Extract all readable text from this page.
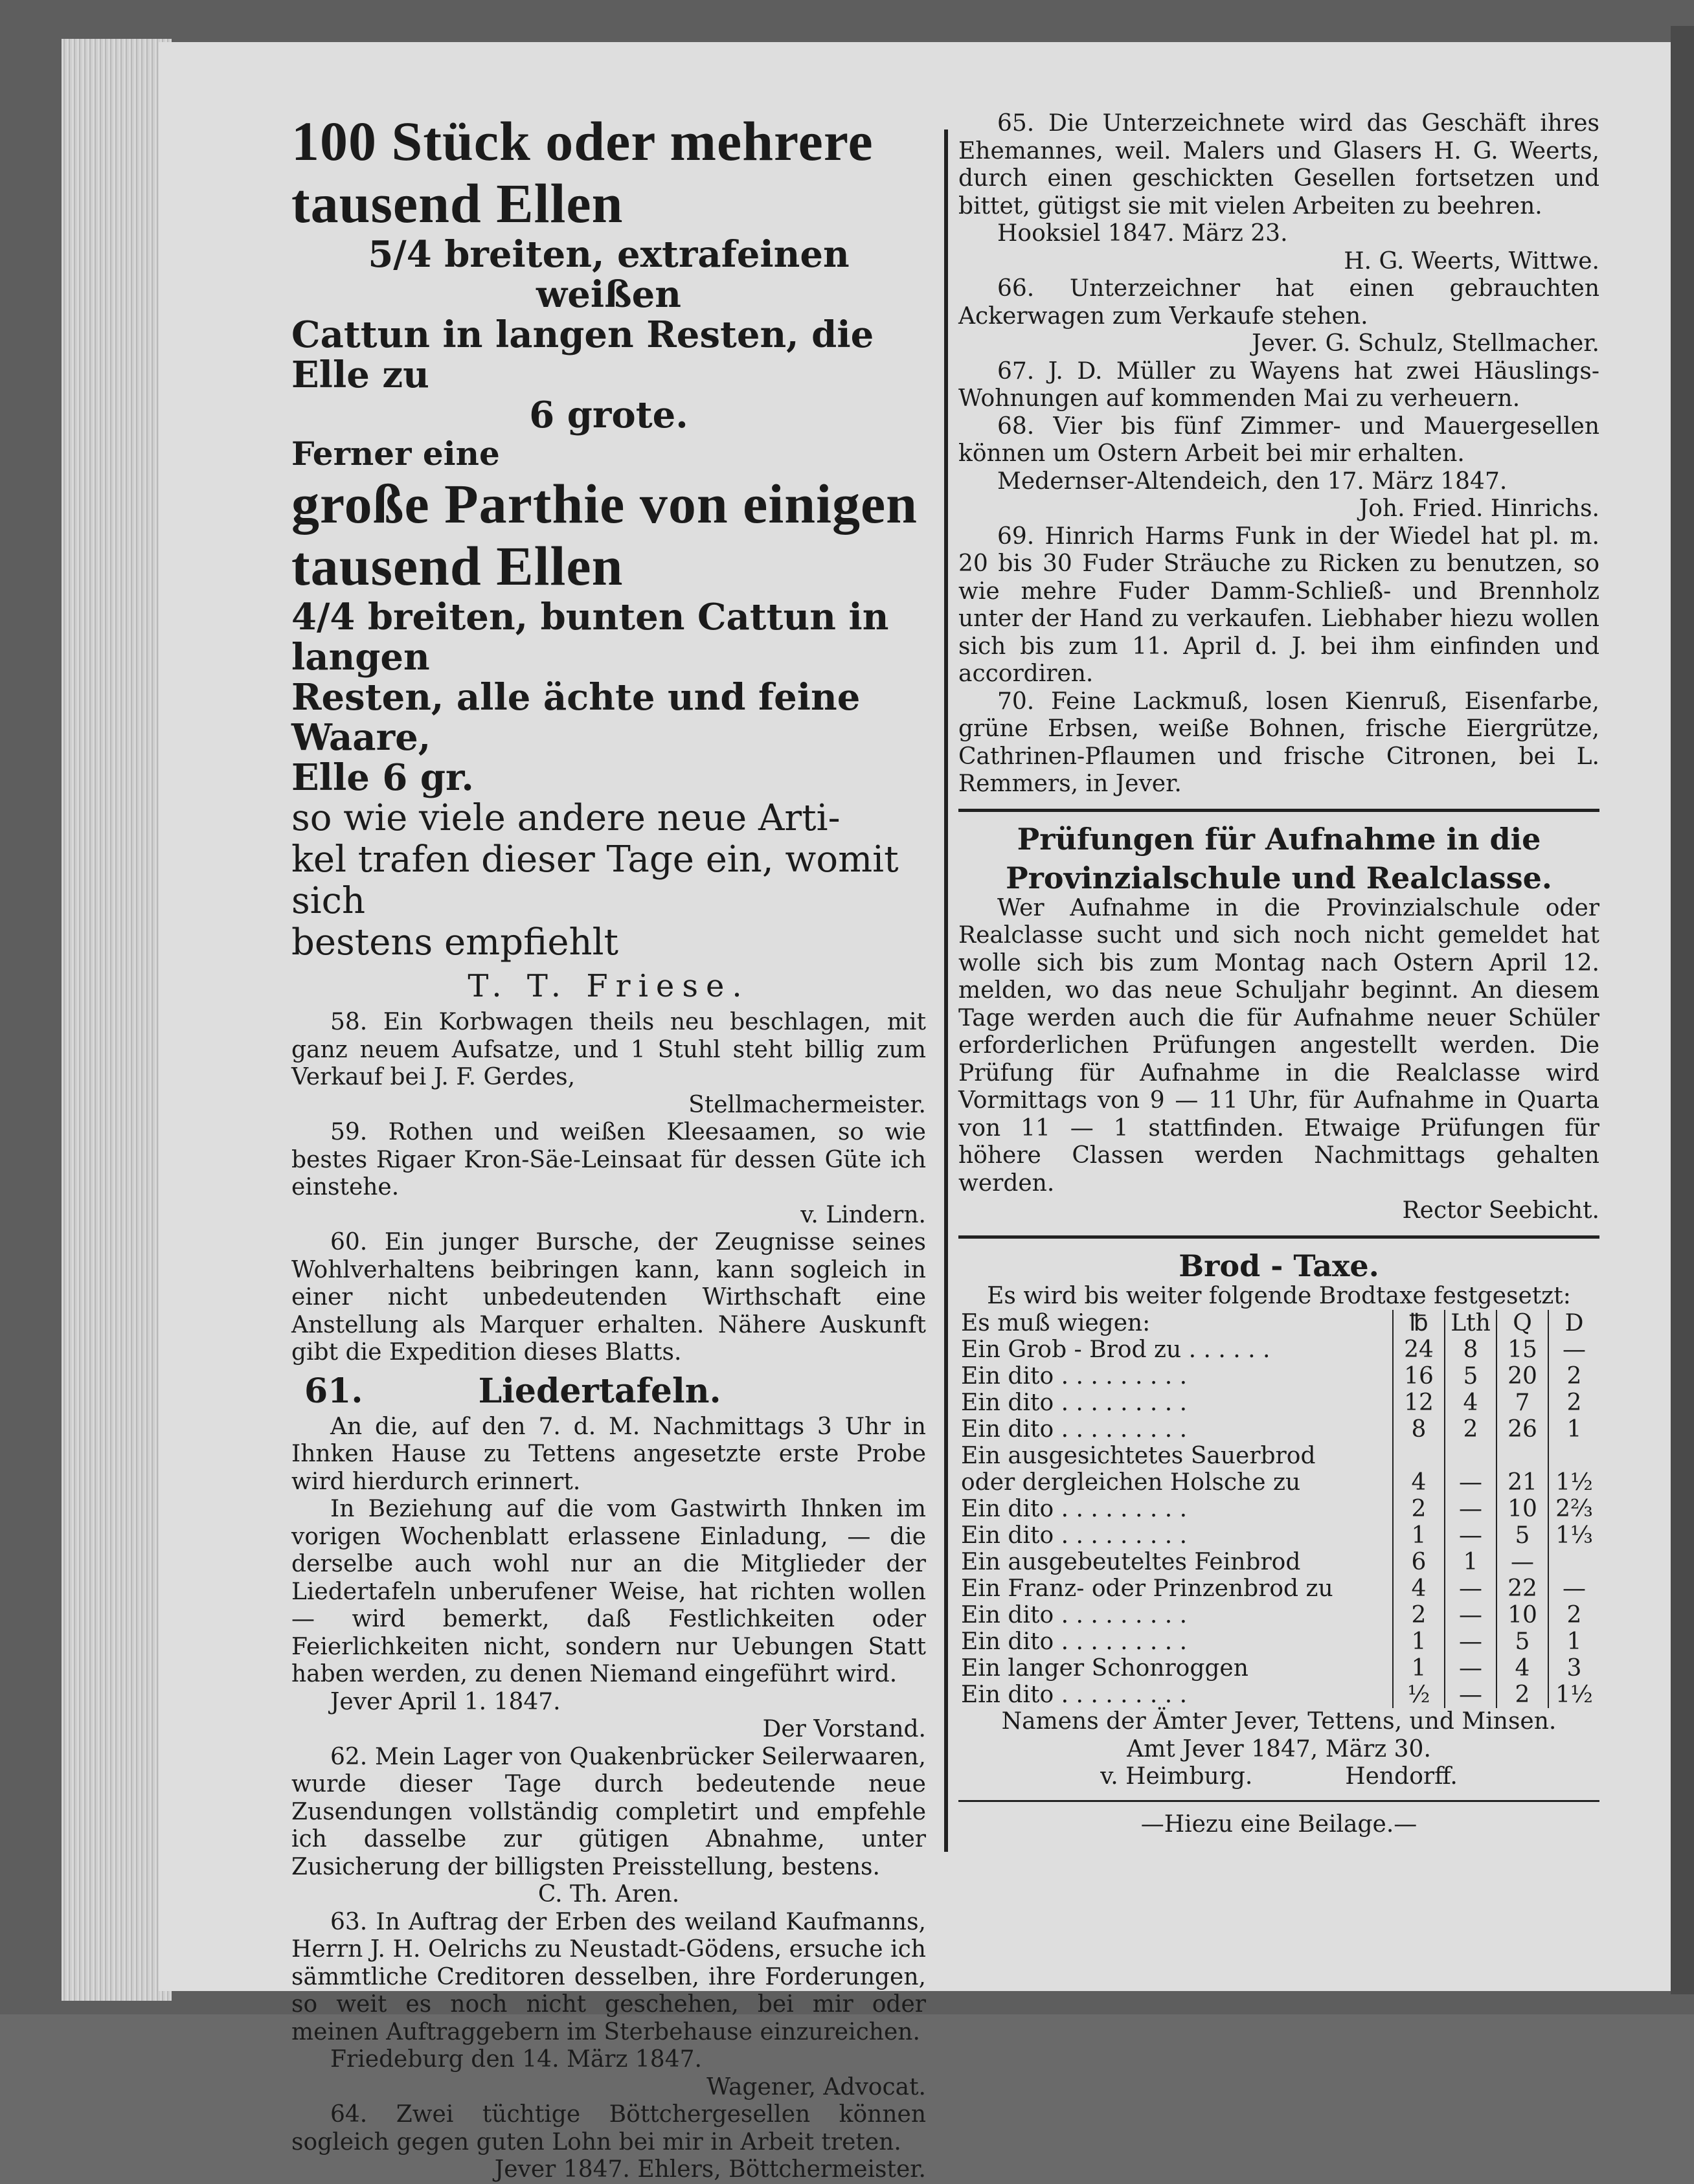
100 Stück oder mehrere

tausend Ellen

5/4 breiten, extrafeinen weißen

Cattun in langen Resten, die Elle zu

6 grote.

Ferner eine

große Parthie von einigen

tausend Ellen

4/4 breiten, bunten Cattun in langen

Resten, alle ächte und feine Waare,

Elle 6 gr.

so wie viele andere neue Arti-

kel trafen dieser Tage ein, womit sich

bestens empfiehlt

T. T. Friese.

58. Ein Korbwagen theils neu beschlagen, mit ganz neuem Aufsatze, und 1 Stuhl steht billig zum Verkauf bei J. F. Gerdes,

Stellmachermeister.

59. Rothen und weißen Kleesaamen, so wie bestes Rigaer Kron-Säe-Leinsaat für dessen Güte ich einstehe.

v. Lindern.

60. Ein junger Bursche, der Zeugnisse seines Wohlverhaltens beibringen kann, kann sogleich in einer nicht unbedeutenden Wirthschaft eine Anstellung als Marquer erhalten. Nähere Auskunft gibt die Expedition dieses Blatts.

61.	Liedertafeln.

An die, auf den 7. d. M. Nachmittags 3 Uhr in Ihnken Hause zu Tettens angesetzte erste Probe wird hierdurch erinnert.

In Beziehung auf die vom Gastwirth Ihnken im vorigen Wochenblatt erlassene Einladung, — die derselbe auch wohl nur an die Mitglieder der Liedertafeln unberufener Weise, hat richten wollen — wird bemerkt, daß Festlichkeiten oder Feierlichkeiten nicht, sondern nur Uebungen Statt haben werden, zu denen Niemand eingeführt wird.

Jever April 1. 1847.

Der Vorstand.

62. Mein Lager von Quakenbrücker Seilerwaaren, wurde dieser Tage durch bedeutende neue Zusendungen vollständig completirt und empfehle ich dasselbe zur gütigen Abnahme, unter Zusicherung der billigsten Preisstellung, bestens.

C. Th. Aren.

63. In Auftrag der Erben des weiland Kaufmanns, Herrn J. H. Oelrichs zu Neustadt-Gödens, ersuche ich sämmtliche Creditoren desselben, ihre Forderungen, so weit es noch nicht geschehen, bei mir oder meinen Auftraggebern im Sterbehause einzureichen.

Friedeburg den 14. März 1847.

Wagener, Advocat.

64. Zwei tüchtige Böttchergesellen können sogleich gegen guten Lohn bei mir in Arbeit treten.

Jever 1847. Ehlers, Böttchermeister.

65. Die Unterzeichnete wird das Geschäft ihres Ehemannes, weil. Malers und Glasers H. G. Weerts, durch einen geschickten Gesellen fortsetzen und bittet, gütigst sie mit vielen Arbeiten zu beehren.

Hooksiel 1847. März 23.

H. G. Weerts, Wittwe.

66. Unterzeichner hat einen gebrauchten Ackerwagen zum Verkaufe stehen.

Jever. G. Schulz, Stellmacher.

67. J. D. Müller zu Wayens hat zwei Häuslings-Wohnungen auf kommenden Mai zu verheuern.

68. Vier bis fünf Zimmer- und Mauergesellen können um Ostern Arbeit bei mir erhalten.

Medernser-Altendeich, den 17. März 1847.

Joh. Fried. Hinrichs.

69. Hinrich Harms Funk in der Wiedel hat pl. m. 20 bis 30 Fuder Sträuche zu Ricken zu benutzen, so wie mehre Fuder Damm-Schließ- und Brennholz unter der Hand zu verkaufen. Liebhaber hiezu wollen sich bis zum 11. April d. J. bei ihm einfinden und accordiren.

70. Feine Lackmuß, losen Kienruß, Eisenfarbe, grüne Erbsen, weiße Bohnen, frische Eiergrütze, Cathrinen-Pflaumen und frische Citronen, bei L. Remmers, in Jever.

Prüfungen für Aufnahme in die

Provinzialschule und Realclasse.

Wer Aufnahme in die Provinzialschule oder Realclasse sucht und sich noch nicht gemeldet hat wolle sich bis zum Montag nach Ostern April 12. melden, wo das neue Schuljahr beginnt. An diesem Tage werden auch die für Aufnahme neuer Schüler erforderlichen Prüfungen angestellt werden. Die Prüfung für Aufnahme in die Realclasse wird Vormittags von 9 — 11 Uhr, für Aufnahme in Quarta von 11 — 1 stattfinden. Etwaige Prüfungen für höhere Classen werden Nachmittags gehalten werden.

Rector Seebicht.

Brod - Taxe.

Es wird bis weiter folgende Brodtaxe festgesetzt:

Es muß wiegen:	℔	Lth	Q	D
Ein Grob - Brod zu . . . . . .	24	8	15	—
Ein dito . . . . . . . . .	16	5	20	2
Ein dito . . . . . . . . .	12	4	7	2
Ein dito . . . . . . . . .	8	2	26	1
Ein ausgesichtetes Sauerbrod				
oder dergleichen Holsche zu	4	—	21	1½
Ein dito . . . . . . . . .	2	—	10	2⅔
Ein dito . . . . . . . . .	1	—	5	1⅓
Ein ausgebeuteltes Feinbrod	6	1	—	
Ein Franz- oder Prinzenbrod zu	4	—	22	—
Ein dito . . . . . . . . .	2	—	10	2
Ein dito . . . . . . . . .	1	—	5	1
Ein langer Schonroggen	1	—	4	3
Ein dito . . . . . . . . .	½	—	2	1½

Namens der Ämter Jever, Tettens, und Minsen.

Amt Jever 1847, März 30.

v. Heimburg.	Hendorff.

—Hiezu eine Beilage.—
